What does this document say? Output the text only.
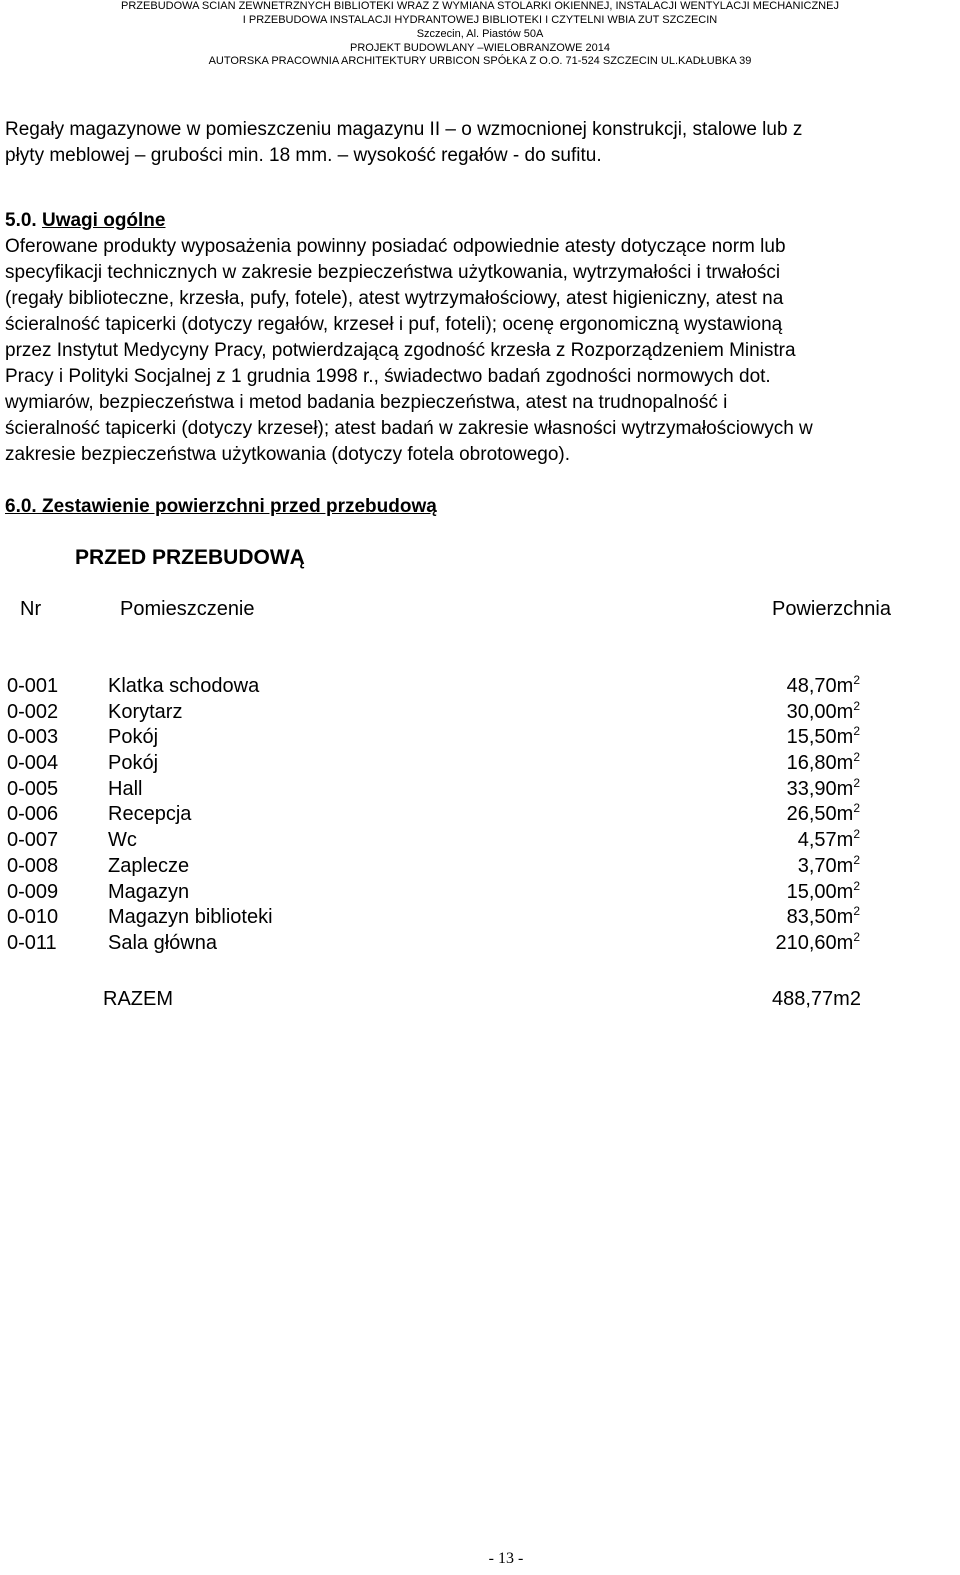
PRZEBUDOWA SCIAN ZEWNETRZNYCH BIBLIOTEKI WRAZ Z WYMIANA STOLARKI OKIENNEJ, INSTALACJI WENTYLACJI MECHANICZNEJ
I PRZEBUDOWA INSTALACJI HYDRANTOWEJ BIBLIOTEKI I CZYTELNI WBIA ZUT SZCZECIN
Szczecin, Al. Piastów 50A
PROJEKT BUDOWLANY –WIELOBRANZOWE 2014
AUTORSKA PRACOWNIA ARCHITEKTURY URBICON SPÓŁKA Z O.O. 71-524 SZCZECIN UL.KADŁUBKA 39
Regały magazynowe w pomieszczeniu magazynu II – o wzmocnionej konstrukcji, stalowe lub z
płyty meblowej – grubości min. 18 mm. – wysokość regałów - do sufitu.
5.0. Uwagi ogólne
Oferowane produkty wyposażenia powinny posiadać odpowiednie atesty dotyczące norm lub
specyfikacji technicznych w zakresie bezpieczeństwa użytkowania, wytrzymałości i trwałości
(regały biblioteczne, krzesła, pufy, fotele), atest wytrzymałościowy, atest higieniczny, atest na
ścieralność tapicerki (dotyczy regałów, krzeseł i puf, foteli); ocenę ergonomiczną wystawioną
przez Instytut Medycyny Pracy, potwierdzającą zgodność krzesła z Rozporządzeniem Ministra
Pracy i Polityki Socjalnej z 1 grudnia 1998 r., świadectwo badań zgodności normowych dot.
wymiarów, bezpieczeństwa i metod badania bezpieczeństwa, atest na trudnopalność i
ścieralność tapicerki (dotyczy krzeseł); atest badań w zakresie własności wytrzymałościowych w
zakresie bezpieczeństwa użytkowania (dotyczy fotela obrotowego).
6.0. Zestawienie powierzchni przed przebudową
PRZED PRZEBUDOWĄ
Nr	Pomieszczenie	Powierzchnia
0-001 Klatka schodowa	$48,70m^2$
0-002 Korytarz	$30,00m^2$
0-003 Pokój	$15,50m^2$
0-004 Pokój	$16,80m^2$
0-005 Hall	$33,90m^2$
0-006 Recepcja	$26,50m^2$
0-007 Wc	$4,57m^2$
0-008 Zaplecze	$3,70m^2$
0-009 Magazyn	$15,00m^2$
0-010 Magazyn biblioteki	$83,50m^2$
0-011	Sala główna	$210,60m^2$
RAZEM	488,77m2
- 13 -
